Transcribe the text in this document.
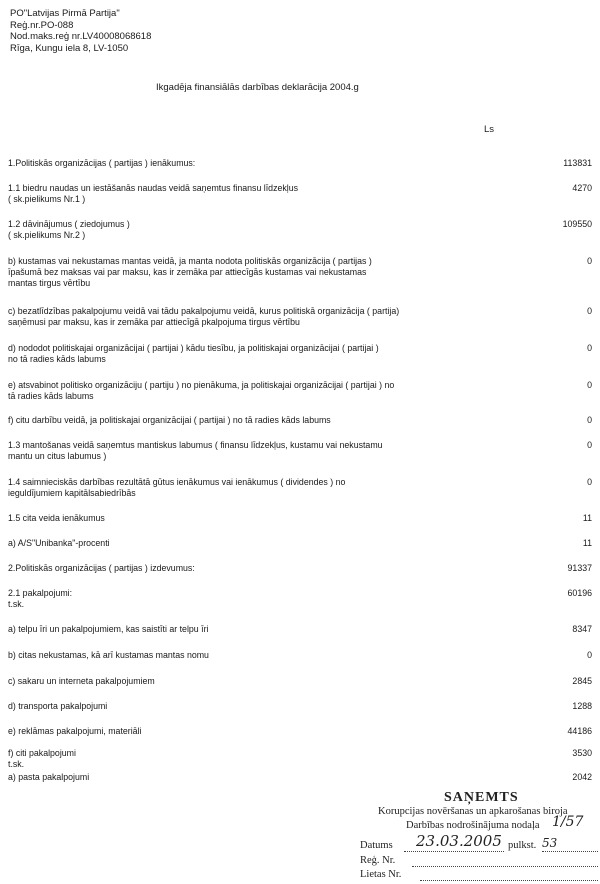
PO"Latvijas Pirmā Partija"
Reģ.nr.PO-088
Nod.maks.reģ nr.LV40008068618
Rīga, Kungu iela 8, LV-1050
Ikgadēja finansiālās darbības deklarācija 2004.g
Ls
1.Politiskās organizācijas ( partijas ) ienākumus:	113831
1.1 biedru naudas un iestāšanās naudas veidā saņemtus finansu līdzekļus
( sk.pielikums Nr.1 )
4270
1.2 dāvinājumus ( ziedojumus )
( sk.pielikums Nr.2 )
109550
b) kustamas vai nekustamas mantas veidā, ja manta nodota politiskās organizācija ( partijas )
īpašumā bez maksas vai par maksu, kas ir zemāka par attiecīgās kustamas vai nekustamas
mantas tirgus vērtību
0
c) bezatlīdzības pakalpojumu veidā vai tādu pakalpojumu veidā, kurus politiskā organizācija ( partija)
saņēmusi par maksu, kas ir zemāka par attiecīgā pkalpojuma tirgus vērtību
0
d) nododot politiskajai organizācijai ( partijai ) kādu tiesību, ja politiskajai organizācijai ( partijai )
no tā radies kāds labums
0
e) atsvabinot politisko organizāciju ( partiju ) no pienākuma, ja politiskajai organizācijai ( partijai ) no
tā radies kāds labums
0
f) citu darbību veidā, ja politiskajai organizācijai ( partijai ) no tā radies kāds labums	0
1.3 mantošanas veidā saņemtus mantiskus labumus ( finansu līdzekļus, kustamu vai nekustamu
mantu un citus labumus )
0
1.4 saimnieciskās darbības rezultātā gūtus ienākumus vai ienākumus ( dividendes ) no
ieguldījumiem kapitālsabiedrībās
0
1.5 cita veida ienākumus	11
a) A/S"Unibanka"-procenti	11
2.Politiskās organizācijas ( partijas ) izdevumus:	91337
2.1 pakalpojumi:
t.sk.
60196
a) telpu īri un pakalpojumiem, kas saistīti ar telpu īri	8347
b) citas nekustamas, kā arī kustamas mantas nomu	0
c) sakaru un interneta pakalpojumiem	2845
d) transporta pakalpojumi	1288
e) reklāmas pakalpojumi, materiāli	44186
f) citi pakalpojumi
t.sk.
3530
a) pasta pakalpojumi	2042
SAŅEMTS
Korupcijas novēršanas un apkarošanas biroja
Darbības nodrošinājuma nodaļa 1/57
Datums 23.03.2005 pulkst. 53
Reģ. Nr.
Lietas Nr.
